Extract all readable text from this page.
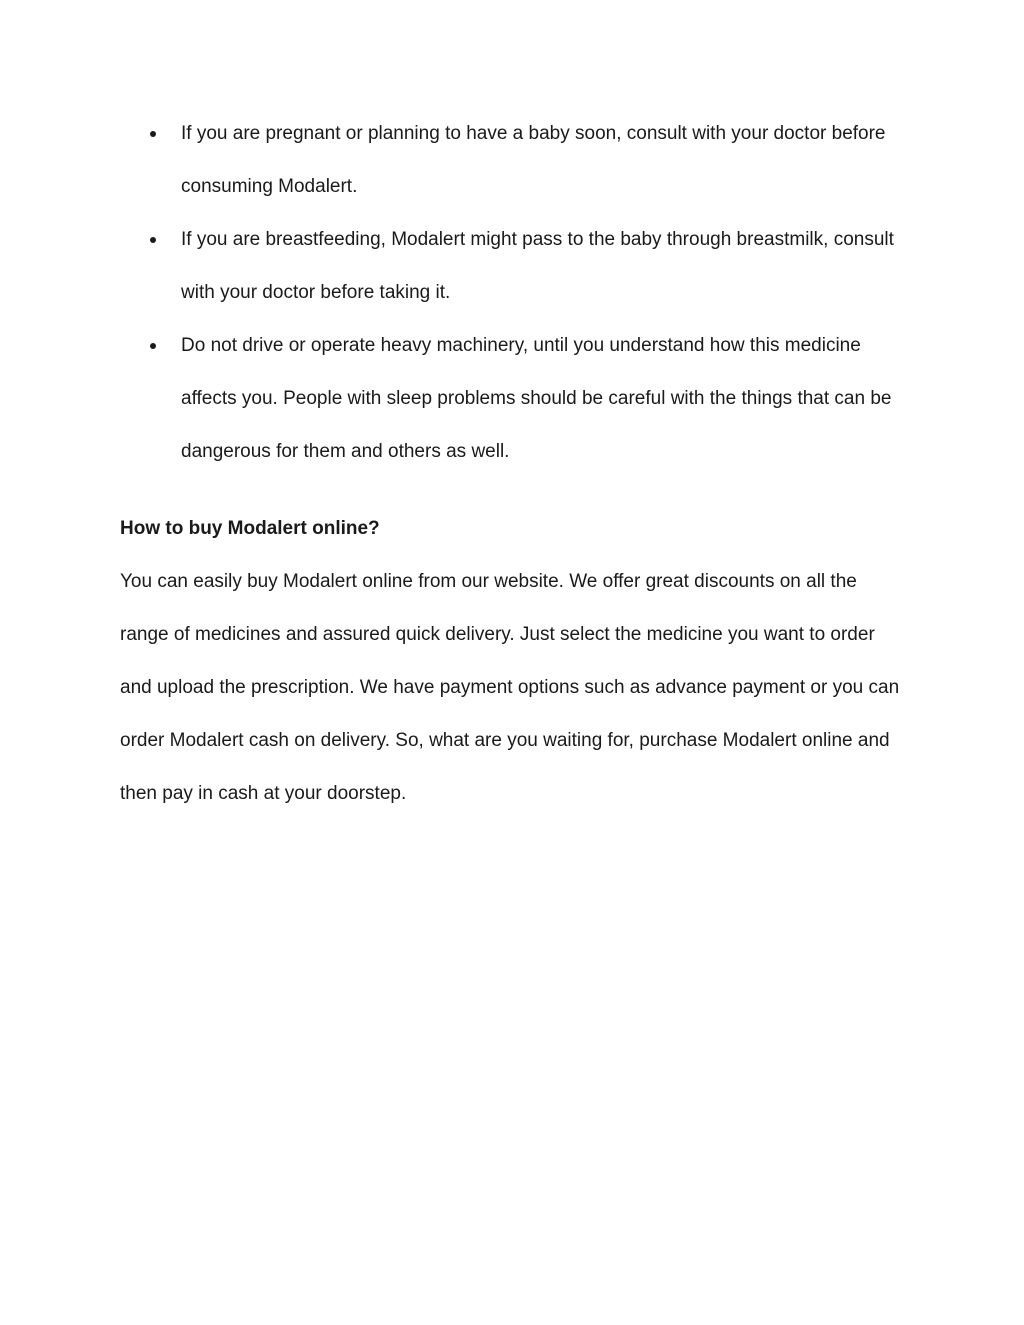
If you are pregnant or planning to have a baby soon, consult with your doctor before consuming Modalert.
If you are breastfeeding, Modalert might pass to the baby through breastmilk, consult with your doctor before taking it.
Do not drive or operate heavy machinery, until you understand how this medicine affects you. People with sleep problems should be careful with the things that can be dangerous for them and others as well.
How to buy Modalert online?

You can easily buy Modalert online from our website. We offer great discounts on all the range of medicines and assured quick delivery. Just select the medicine you want to order and upload the prescription. We have payment options such as advance payment or you can order Modalert cash on delivery. So, what are you waiting for, purchase Modalert online and then pay in cash at your doorstep.
